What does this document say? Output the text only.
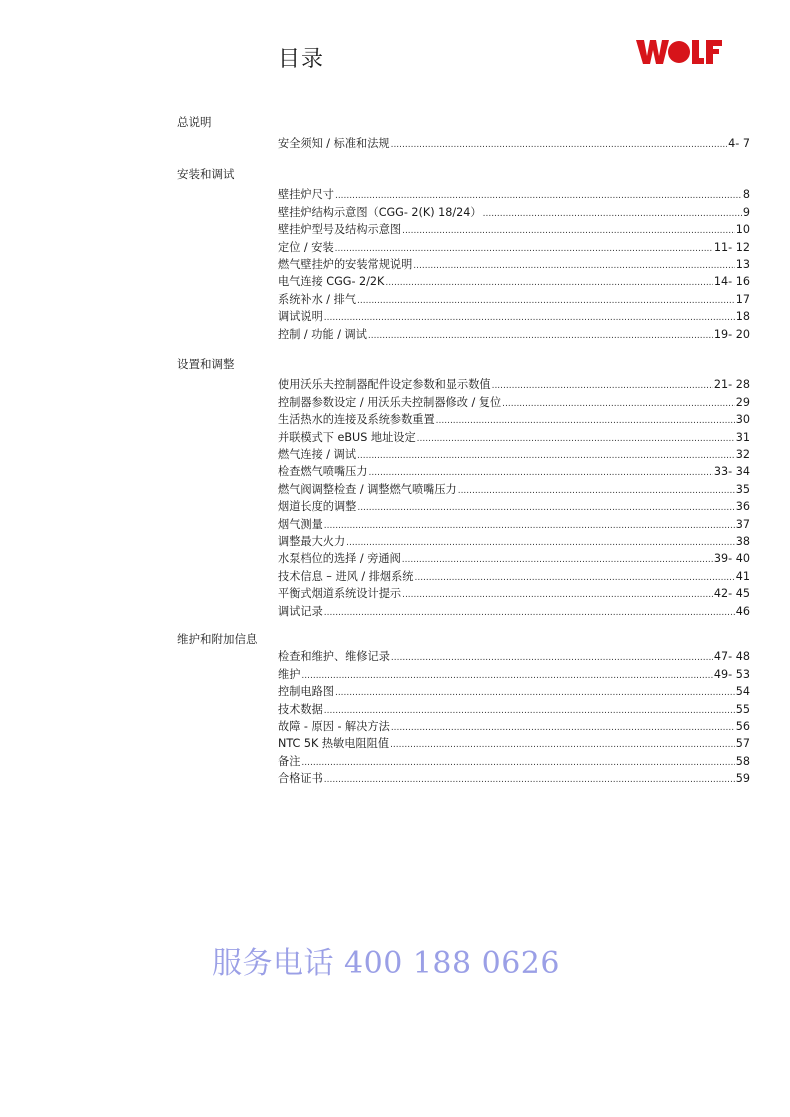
目录
总说明
安全须知 / 标准和法规 .....	4- 7
安装和调试
壁挂炉尺寸 .....	8
壁挂炉结构示意图（CGG- 2(K) 18/24） .....	9
壁挂炉型号及结构示意图 .....	10
定位 / 安装 .....	11- 12
燃气壁挂炉的安装常规说明 .....	13
电气连接 CGG- 2/2K .....	14- 16
系统补水 / 排气 .....	17
调试说明 .....	18
控制 / 功能 / 调试 .....	19- 20
设置和调整
使用沃乐夫控制器配件设定参数和显示数值 .....	21- 28
控制器参数设定 / 用沃乐夫控制器修改 / 复位 .....	29
生活热水的连接及系统参数重置 .....	30
并联模式下 eBUS 地址设定 .....	31
燃气连接 / 调试 .....	32
检查燃气喷嘴压力 .....	33- 34
燃气阀调整检查 / 调整燃气喷嘴压力 .....	35
烟道长度的调整 .....	36
烟气测量 .....	37
调整最大火力 .....	38
水泵档位的选择 / 旁通阀 .....	39- 40
技术信息 – 进风 / 排烟系统 .....	41
平衡式烟道系统设计提示 .....	42- 45
调试记录 .....	46
维护和附加信息
检查和维护、维修记录 .....	47- 48
维护 .....	49- 53
控制电路图 .....	54
技术数据 .....	55
故障 - 原因 - 解决方法 .....	56
NTC 5K 热敏电阻阻值 .....	57
备注 .....	58
合格证书 .....	59
服务电话 400 188 0626
